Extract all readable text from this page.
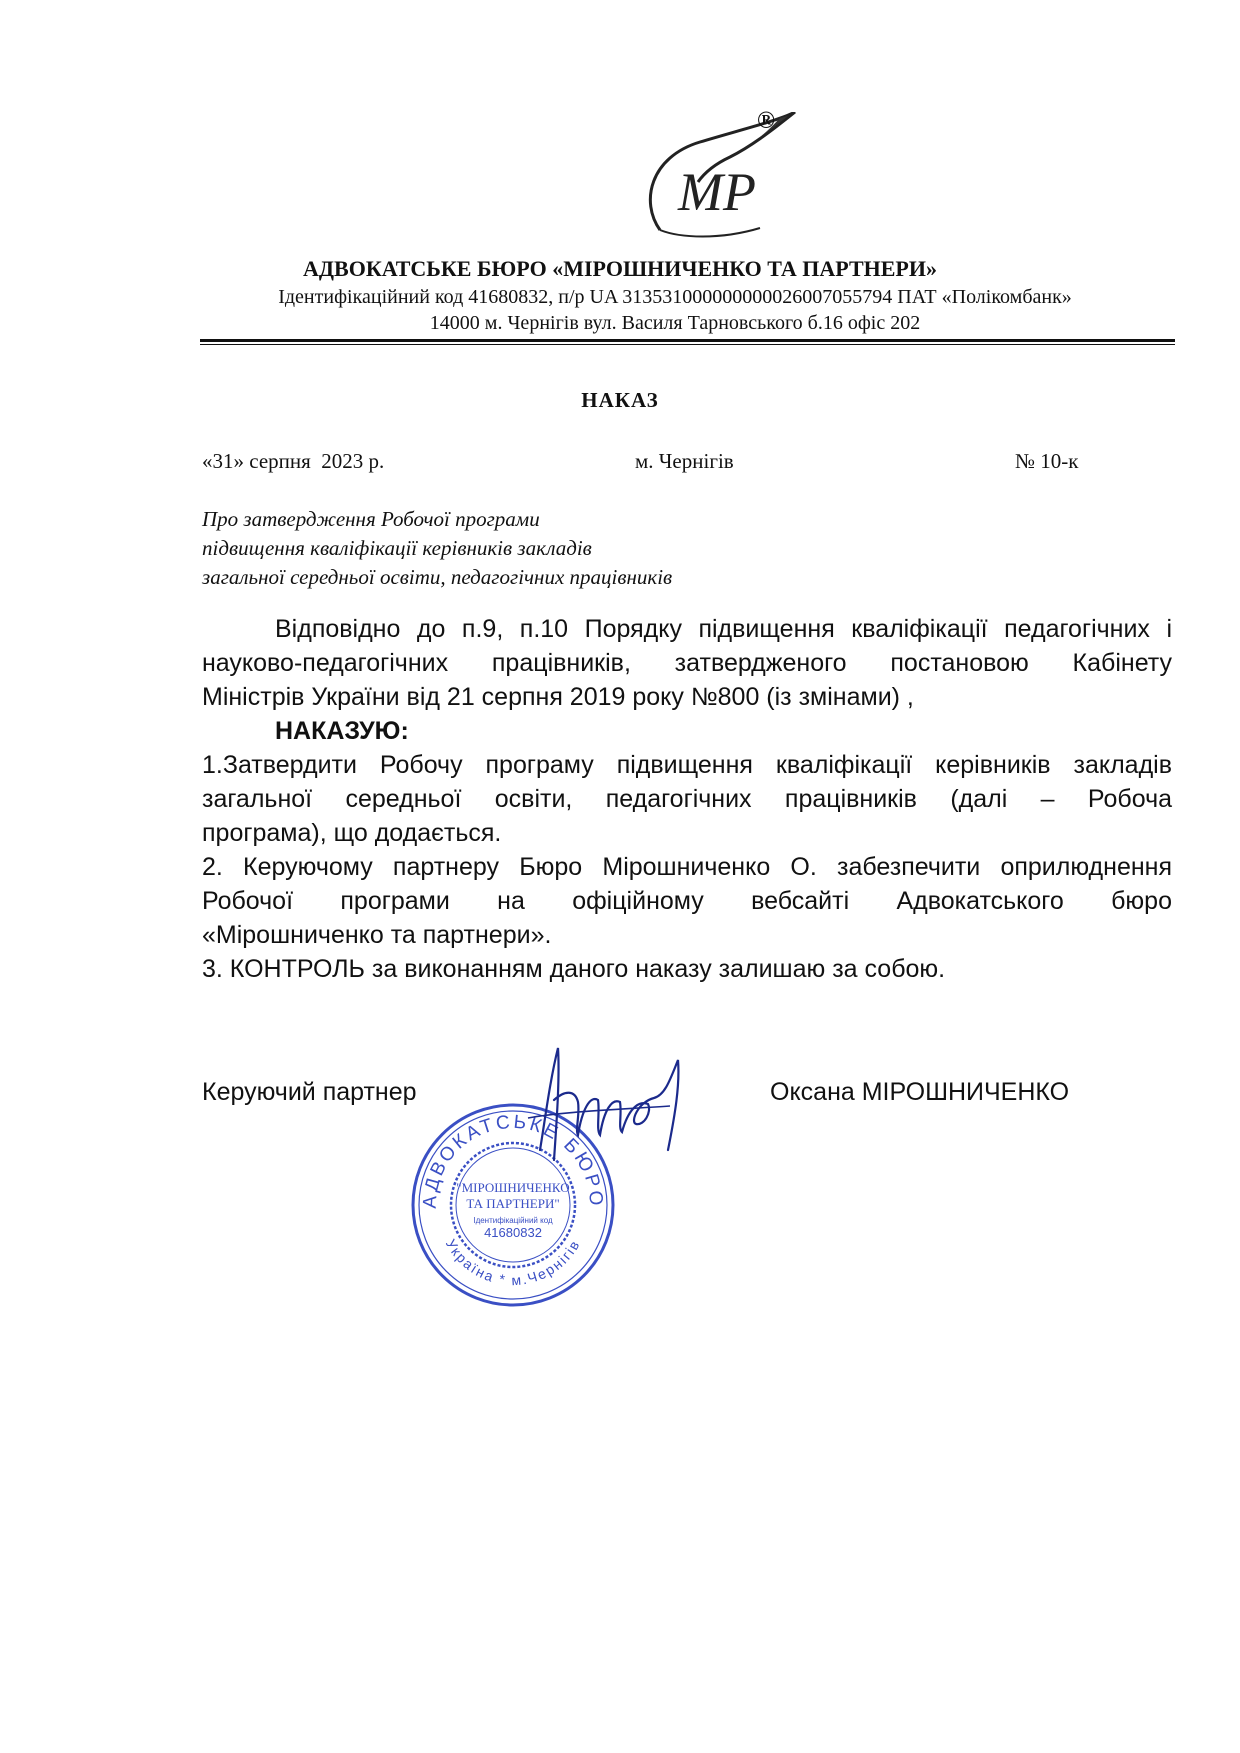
МР
®
АДВОКАТСЬКЕ БЮРО «МІРОШНИЧЕНКО ТА ПАРТНЕРИ»
Ідентифікаційний код 41680832, п/р UA 313531000000000026007055794 ПАТ «Полікомбанк»
14000 м. Чернігів вул. Василя Тарновського б.16 офіс 202
НАКАЗ
«31» серпня  2023 р.	м. Чернігів	№ 10-к
Про затвердження Робочої програми
підвищення кваліфікації керівників закладів
загальної середньої освіти, педагогічних працівників
Відповідно до п.9, п.10 Порядку підвищення кваліфікації педагогічних і
науково-педагогічних працівників, затвердженого постановою Кабінету
Міністрів України від 21 серпня 2019 року №800 (із змінами) ,
НАКАЗУЮ:
1.Затвердити Робочу програму підвищення кваліфікації керівників закладів
загальної середньої освіти, педагогічних працівників (далі – Робоча
програма), що додається.
2. Керуючому партнеру Бюро Мірошниченко О. забезпечити оприлюднення
Робочої програми на офіційному вебсайті Адвокатського бюро
«Мірошниченко та партнери».
3. КОНТРОЛЬ за виконанням даного наказу залишаю за собою.
Керуючий партнер	Оксана МІРОШНИЧЕНКО
АДВОКАТСЬКЕ БЮРО
Україна * м.Чернігів
"МІРОШНИЧЕНКО
ТА ПАРТНЕРИ"
Ідентифікаційний код
41680832
